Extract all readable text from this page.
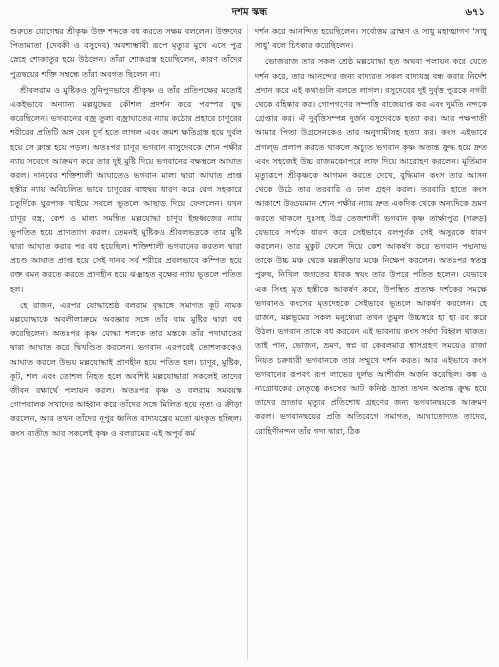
দশম স্কন্ধ	৬৭১

শুরুতে যোগেশ্বর শ্রীকৃষ্ণ উক্ত শব্দকে বধ করতে সক্ষম বললেন। উক্তদের পিতামাতা (দেবকী ও বসুদেব) অবশ্যম্ভাবী রূপে মৃত্যুর মুখে এসে পুত্র স্নেহে শোকাতুর হয়ে উঠলেন। তাঁরা শোকগ্রস্ত হয়েছিলেন, কারণ তাঁদের পুত্রদ্বয়ের শক্তি সম্বন্ধে তাঁরা অবগত ছিলেন না।

শ্রীবলরাম ও মুষ্টিকও সুনিপুণভাবে শ্রীকৃষ্ণ ও তাঁর প্রতিপক্ষের মতোই একইভাবে অন্যান্য মল্লযুদ্ধের কৌশল প্রদর্শন করে পরস্পর যুদ্ধ করেছিলেন। ভগবানের বজ্র তুল্য বজ্রাঘাতের ন্যায় কঠোর প্রহারে চাণূরের শরীরের প্রতিটি অঙ্গ যেন চূর্ণ হতে লাগল এবং ক্রমশ ক্ষতিগ্রস্ত হয়ে দুর্বল হয়ে সে ক্লান্ত হয়ে পড়ল। অতঃপর চাণূর ভগবান বাসুদেবকে শ্যেন পক্ষীর ন্যায় সবেগে আক্রমণ করে তার দুই মুষ্টি দিয়ে ভগবানের বক্ষস্থলে আঘাত করল। দানবের শক্তিশালী আঘাতেও ভগবান মাল্য দ্বারা আঘাত প্রাপ্ত হস্তীর ন্যায় অবিচলিত ভাবে চাণূরের বাহুদ্বয় ধারণ করে বেগ সহকারে চতুর্দিকে ঘুরপাক খাইয়ে সবলে ভূতলে আছাড় দিয়ে ফেললেন। যখন চাণূর বস্ত্র, কেশ ও মাল্য সমন্বিত মল্লযোদ্ধা চাণূর ইন্দ্রধ্বজের ন্যায় ভূপতিত হয়ে প্রাণত্যাগ করল। তেমনই মুষ্টিকও শ্রীবলভদ্রকে তার মুষ্টি দ্বারা আঘাত করার পর বধ হয়েছিল। শক্তিশালী ভগবানের করতল দ্বারা প্রচণ্ড আঘাত প্রাপ্ত হয়ে সেই দানব সর্ব শরীরে প্রবলভাবে কম্পিত হয়ে রক্ত বমন করতে করতে প্রাণহীন হয়ে ঝঞ্ঝাহত বৃক্ষের ন্যায় ভূতলে পতিত হল।

হে রাজন, এরপর যোদ্ধাশ্রেষ্ঠ বলরাম বৃদ্ধাঙ্গে সমাগত কূট নামক মল্লযোদ্ধাকে অবলীলাক্রমে অবজ্ঞার সঙ্গে তাঁর বাম মুষ্টির দ্বারা বধ করেছিলেন। অতঃপর কৃষ্ণ যোদ্ধা শলকে তার মস্তকে তাঁর পদাঘাতের দ্বারা আঘাত করে দ্বিখণ্ডিত করলেন। ভগবান এরপরেই তোশলককেও আঘাত করলে উভয় মল্লযোদ্ধাই প্রাণহীন হয়ে পতিত হল। চাণূর, মুষ্টিক, কূট, শল এবং তোশল নিহত হলে অবশিষ্ট মল্লযোদ্ধারা সকলেই তাদের জীবন রক্ষার্থে পলায়ন করল। অতঃপর কৃষ্ণ ও বলরাম সমবয়স্ক গোপবালক সখাদের আহ্বান করে তাঁদের সঙ্গে মিলিত হয়ে নৃত্য ও ক্রীড়া করলেন, আর তখন তাঁদের নূপুর ধ্বনিত বাদ্যযন্ত্রের মতো ঝংকৃত হচ্ছিল। কংস ব্যতীত আর সকলেই কৃষ্ণ ও বলরামের এই অপূর্ব কর্ম

দর্শন করে আনন্দিত হয়েছিলেন। সর্বোত্তম ব্রাহ্মণ ও সাধু মহাত্মাগণ 'সাধু সাধু' বলে চিৎকার করেছিলেন।

ভোজরাজ তার সকল শ্রেষ্ঠ মল্লযোদ্ধা হত অথবা পলায়ন করে যেতে দর্শন করে, তার আনন্দের জন্য বাদ্যরত সকল বাদ্যযন্ত্র বন্ধ করার নির্দেশ প্রদান করে এই কথাগুলি বলতে লাগল। বসুদেবের দুই দুর্বৃত্ত পুত্রকে নগরী থেকে বহিষ্কার কর। গোপগণের সম্পত্তি বাজেয়াপ্ত কর এবং দুর্মতি নন্দকে গ্রেপ্তার কর। ঐ দুর্বৃত্তিসম্পন্ন দুর্জন বসুদেবকে হত্যা কর। আর পক্ষপাতী আমার পিতা উগ্রসেনকেও তার অনুগামীসহ হত্যা কর। কংস এইভাবে প্রগল্ভ প্রলাপ করতে থাকলে অচ্যুত ভগবান কৃষ্ণ অত্যন্ত ক্রুদ্ধ হয়ে দ্রুত এবং সহজেই উচ্চ রাজমঞ্চোপরে লাফ দিয়ে আরোহণ করলেন। মূর্তিমান মৃত্যুরূপে শ্রীকৃষ্ণকে আগমন করতে দেখে, বুদ্ধিমান কংস তার আসন থেকে উঠে তার তরবারি ও ঢাল গ্রহণ করল। তরবারি হাতে কংস আকাশে উড্ডয়মান শ্যেন পক্ষীর ন্যায় দ্রুত একদিক থেকে অন্যদিকে ভ্রমণ করতে থাকলে দুঃসহ উগ্র তেজশালী ভগবান কৃষ্ণ তার্ক্ষ্যপুত্র (গরুড়) যেভাবে সর্পকে ধারণ করে সেইভাবে বলপূর্বক সেই অসুরকে ধারণ করলেন। তার মুকুট ফেলে দিয়ে কেশ আকর্ষণ করে ভগবান পদ্মনাভ তাকে উচ্চ মঞ্চ থেকে মল্লক্রীড়ার মঞ্চে নিক্ষেপ করলেন। অতঃপর স্বতন্ত্র পুরুষ, নিখিল জগতের ধারক স্বয়ং তার উপরে পতিত হলেন। যেভাবে এক সিংহ মৃত হস্তীকে আকর্ষণ করে, উপস্থিত প্রত্যক্ষ দর্শকের সমক্ষে ভগবানও কংসের মৃতদেহকে সেইভাবে ভূতলে আকর্ষণ করলেন। হে রাজন, মল্লভূমের সকল মনুষ্যেরা তখন তুমুল উচ্চস্বরে হা হা রব করে উঠল। ভগবান তাকে বধ করবেন এই ভাবনায় কংস সর্বদা বিহ্বল থাকত। তাই পান, ভোজন, ভ্রমণ, স্বপ্ন বা কেবলমাত্র শ্বাসগ্রহণ সময়েও রাজা নিয়ত চক্রধারী ভগবানকে তার সম্মুখে দর্শন করত। আর এইভাবে কংস ভগবানের রূপবৎ রূপ লাভের দুর্লভ আশীর্বাদ অর্জন করেছিল। কঙ্ক ও ন্যগ্রোধকের নেতৃত্বে কংসের আট কনিষ্ঠ ভ্রাতা তখন অত্যন্ত ক্রুদ্ধ হয়ে তাদের ভ্রাতার মৃত্যুর প্রতিশোধ গ্রহণের জন্য ভগবানদ্বয়কে আক্রমণ করল। ভগবানদ্বয়ের প্রতি অতিবেগে সমাগত, আঘাতোদ্যত তাদের, রোহিণীনন্দন তাঁর গদা দ্বারা, ঠিক
